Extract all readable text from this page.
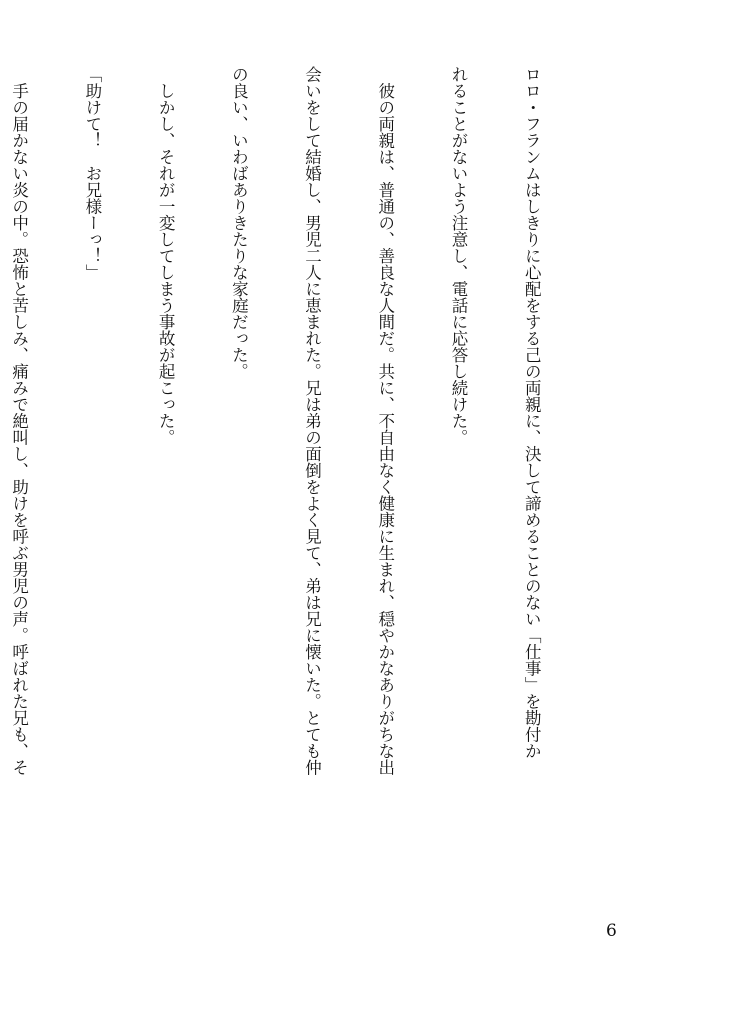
ロロ・フランムはしきりに心配をする己の両親に、決して諦めることのない「仕事」を勘付か

れることがないよう注意し、電話に応答し続けた。

　彼の両親は、普通の、善良な人間だ。共に、不自由なく健康に生まれ、穏やかなありがちな出

会いをして結婚し、男児二人に恵まれた。兄は弟の面倒をよく見て、弟は兄に懐いた。とても仲

の良い、いわばありきたりな家庭だった。

　しかし、それが一変してしまう事故が起こった。

「助けて！　お兄様ーっ！」

　手の届かない炎の中。恐怖と苦しみ、痛みで絶叫し、助けを呼ぶ男児の声。呼ばれた兄も、そ

6
